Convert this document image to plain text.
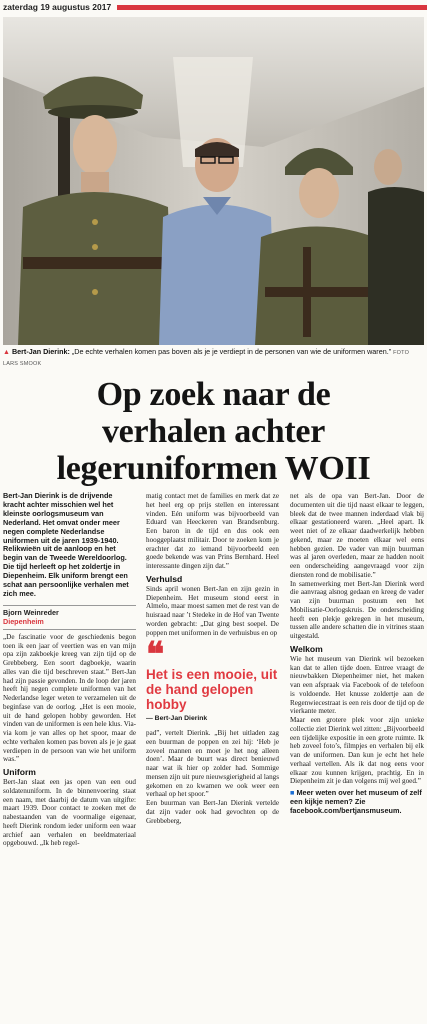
zaterdag 19 augustus 2017
▲ Bert-Jan Dierink: „De echte verhalen komen pas boven als je je verdiept in de personen van wie de uniformen waren.” FOTO LARS SMOOK
Op zoek naar de
verhalen achter
legeruniformen WOII

Bert-Jan Dierink is de drijvende kracht achter misschien wel het kleinste oorlogsmuseum van Nederland. Het omvat onder meer negen complete Nederlandse uniformen uit de jaren 1939-1940. Relikwieën uit de aanloop en het begin van de Tweede Wereldoorlog. Die tijd herleeft op het zoldertje in Diepenheim. Elk uniform brengt een schat aan persoonlijke verhalen met zich mee.

Bjorn Weinreder
Diepenheim

„De fascinatie voor de geschiedenis begon toen ik een jaar of veertien was en van mijn opa zijn zakboekje kreeg van zijn tijd op de Grebbeberg. Een soort dagboekje, waarin alles van die tijd beschreven staat.” Bert-Jan had zijn passie gevonden. In de loop der jaren heeft hij negen complete uniformen van het Nederlandse leger weten te verzamelen uit de beginfase van de oorlog. „Het is een mooie, uit de hand gelopen hobby geworden. Het vinden van de uniformen is een hele klus. Via-via kom je van alles op het spoor, maar de echte verhalen komen pas boven als je je gaat verdiepen in de persoon van wie het uniform was.”

Uniform

Bert-Jan slaat een jas open van een oud soldatenuniform. In de binnenvoering staat een naam, met daarbij de datum van uitgifte: maart 1939. Door contact te zoeken met de nabestaanden van de voormalige eigenaar, heeft Dierink rondom ieder uniform een waar archief aan verhalen en beeldmateriaal opgebouwd. „Ik heb regel-

matig contact met de families en merk dat ze het heel erg op prijs stellen en interessant vinden. Eén uniform was bijvoorbeeld van Eduard van Heeckeren van Brandsenburg. Een baron in de tijd en dus ook een hooggeplaatst militair. Door te zoeken kom je erachter dat zo iemand bijvoorbeeld een goede bekende was van Prins Bernhard. Heel interessante dingen zijn dat.”

Verhulsd

Sinds april wonen Bert-Jan en zijn gezin in Diepenheim. Het museum stond eerst in Almelo, maar moest samen met de rest van de huisraad naar ’t Stedeke in de Hof van Twente worden gebracht: „Dat ging best soepel. De poppen met uniformen in de verhuisbus en op

❝
Het is een mooie, uit de hand gelopen hobby
— Bert-Jan Dierink

pad”, vertelt Dierink. „Bij het uitladen zag een buurman de poppen en zei hij: ‘Heb je zoveel mannen en moet je het nog alleen doen’. Maar de buurt was direct benieuwd naar wat ik hier op zolder had. Sommige mensen zijn uit pure nieuwsgierigheid al langs gekomen en zo kwamen we ook weer een verhaal op het spoor.”

Een buurman van Bert-Jan Dierink vertelde dat zijn vader ook had gevochten op de Grebbeberg,

net als de opa van Bert-Jan. Door de documenten uit die tijd naast elkaar te leggen, bleek dat de twee mannen inderdaad vlak bij elkaar gestationeerd waren. „Heel apart. Ik weet niet of ze elkaar daadwerkelijk hebben gekend, maar ze moeten elkaar wel eens hebben gezien. De vader van mijn buurman was al jaren overleden, maar ze hadden nooit een onderscheiding aangevraagd voor zijn diensten rond de mobilisatie.”

In samenwerking met Bert-Jan Dierink werd die aanvraag alsnog gedaan en kreeg de vader van zijn buurman postuum een het Mobilisatie-Oorlogskruis. De onderscheiding heeft een plekje gekregen in het museum, tussen alle andere schatten die in vitrines staan uitgestald.

Welkom

Wie het museum van Dierink wil bezoeken kan dat te allen tijde doen. Entree vraagt de nieuwbakken Diepenheimer niet, het maken van een afspraak via Facebook of de telefoon is voldoende. Het knusse zoldertje aan de Regenwiecestraat is een reis door de tijd op de vierkante meter.

Maar een grotere plek voor zijn unieke collectie ziet Dierink wel zitten: „Bijvoorbeeld een tijdelijke expositie in een grote ruimte. Ik heb zoveel foto’s, filmpjes en verhalen bij elk van de uniformen. Dan kun je echt het hele verhaal vertellen. Als ik dat nog eens voor elkaar zou kunnen krijgen, prachtig. En in Diepenheim zit je dan volgens mij wel goed.”

■ Meer weten over het museum of zelf een kijkje nemen? Zie facebook.com/bertjansmuseum.
